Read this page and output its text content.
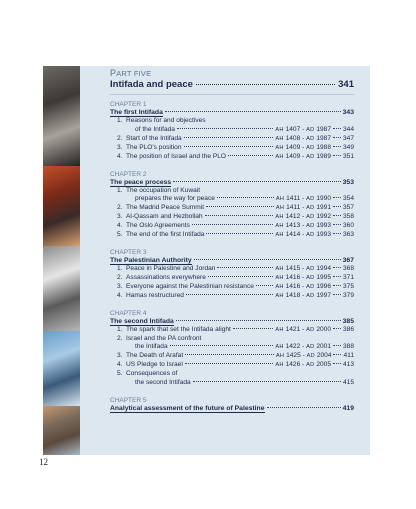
PART FIVE
Intifada and peace	341
CHAPTER 1
The first Intifada	343
1. Reasons for and objectives
of the Intifada	AH 1407 - AD 1987 344
2. Start of the Intifada	AH 1408 - AD 1987 347
3. The PLO's position	AH 1409 - AD 1988 349
4. The position of Israel and the PLO	AH 1409 - AD 1989 351
CHAPTER 2
The peace process	353
1. The occupation of Kuwait
prepares the way for peace	AH 1411 - AD 1990 354
2. The Madrid Peace Summit	AH 1411 - AD 1991 357
3. Al-Qassam and Hezbollah	AH 1412 - AD 1992 358
4. The Oslo Agreements	AH 1413 - AD 1993 360
5. The end of the first Intifada	AH 1414 - AD 1993 363
CHAPTER 3
The Palestinian Authority	367
1. Peace in Palestine and Jordan	AH 1415 - AD 1994 368
2. Assassinations everywhere	AH 1416 - AD 1995 371
3. Everyone against the Palestinian resistance	AH 1416 - AD 1996 375
4. Hamas restructured	AH 1418 - AD 1997 379
CHAPTER 4
The second Intifada	385
1. The spark that set the Intifada alight	AH 1421 - AD 2000 386
2. Israel and the PA confront
the Intifada	AH 1422 - AD 2001 388
3. The Death of Arafat	AH 1425 - AD 2004 411
4. US Pledge to Israel	AH 1426 - AD 2005 413
5. Consequences of
the second Intifada	415
CHAPTER 5
Analytical assessment of the future of Palestine	419
12
